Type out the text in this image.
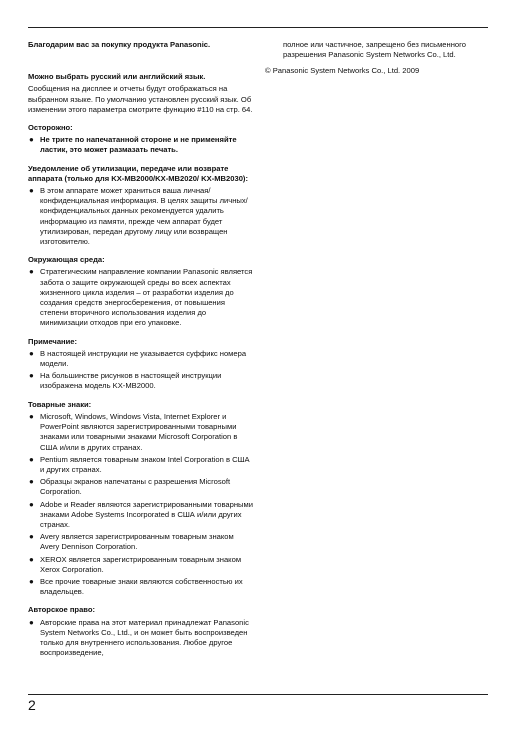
Благодарим вас за покупку продукта Panasonic.

Можно выбрать русский или английский язык.

Сообщения на дисплее и отчеты будут отображаться на выбранном языке. По умолчанию установлен русский язык. Об изменении этого параметра смотрите функцию #110 на стр. 64.

Осторожно:

● Не трите по напечатанной стороне и не применяйте ластик, это может размазать печать.

Уведомление об утилизации, передаче или возврате аппарата (только для KX-MB2000/KX-MB2020/ KX-MB2030):

● В этом аппарате может храниться ваша личная/ конфиденциальная информация. В целях защиты личных/конфиденциальных данных рекомендуется удалить информацию из памяти, прежде чем аппарат будет утилизирован, передан другому лицу или возвращен изготовителю.

Окружающая среда:

● Стратегическим направление компании Panasonic является забота о защите окружающей среды во всех аспектах жизненного цикла изделия – от разработки изделия до создания средств энергосбережения, от повышения степени вторичного использования изделия до минимизации отходов при его упаковке.

Примечание:

● В настоящей инструкции не указывается суффикс номера модели.
● На большинстве рисунков в настоящей инструкции изображена модель KX-MB2000.

Товарные знаки:

● Microsoft, Windows, Windows Vista, Internet Explorer и PowerPoint являются зарегистрированными товарными знаками или товарными знаками Microsoft Corporation в США и/или в других странах.
● Pentium является товарным знаком Intel Corporation в США и других странах.
● Образцы экранов напечатаны с разрешения Microsoft Corporation.
● Adobe и Reader являются зарегистрированными товарными знаками Adobe Systems Incorporated в США и/или других странах.
● Avery является зарегистрированным товарным знаком Avery Dennison Corporation.
● XEROX является зарегистрированным товарным знаком Xerox Corporation.
● Все прочие товарные знаки являются собственностью их владельцев.

Авторское право:

● Авторские права на этот материал принадлежат Panasonic System Networks Co., Ltd., и он может быть воспроизведен только для внутреннего использования. Любое другое воспроизведение,

полное или частичное, запрещено без письменного разрешения Panasonic System Networks Co., Ltd.

© Panasonic System Networks Co., Ltd. 2009

2
